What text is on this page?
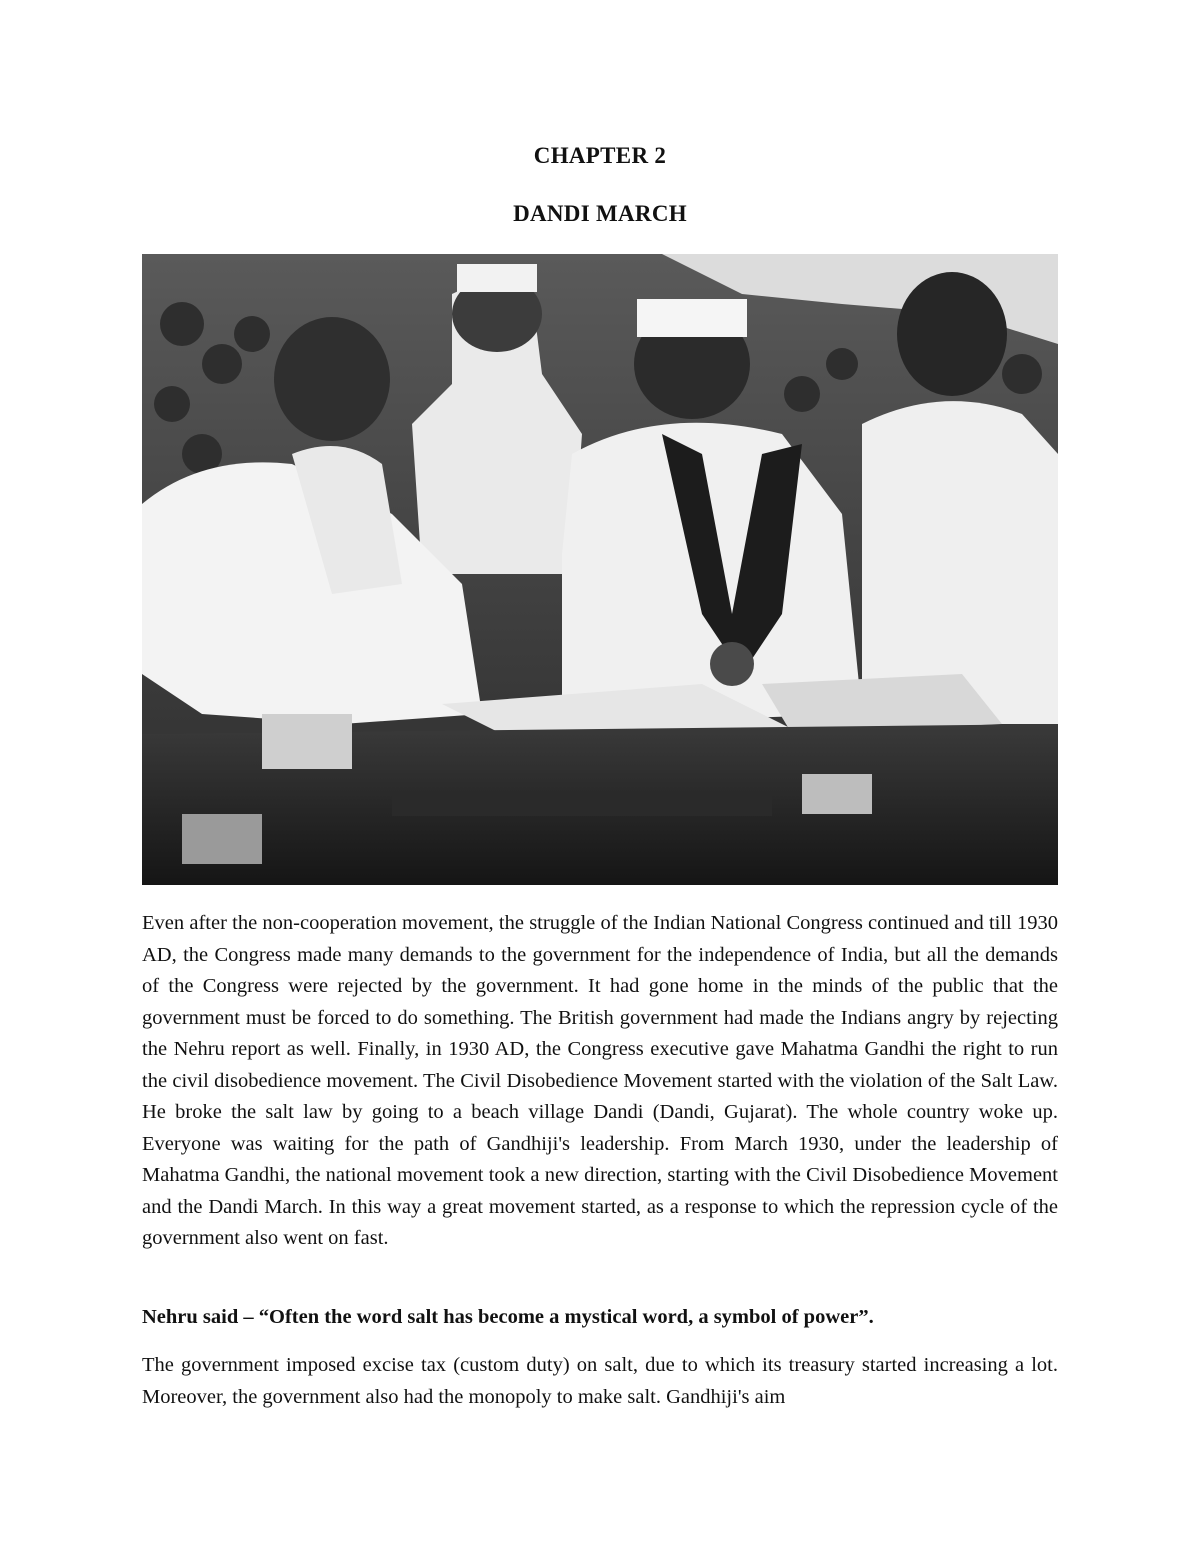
CHAPTER 2
DANDI MARCH

Even after the non-cooperation movement, the struggle of the Indian National Congress continued and till 1930 AD, the Congress made many demands to the government for the independence of India, but all the demands of the Congress were rejected by the government. It had gone home in the minds of the public that the government must be forced to do something. The British government had made the Indians angry by rejecting the Nehru report as well. Finally, in 1930 AD, the Congress executive gave Mahatma Gandhi the right to run the civil disobedience movement. The Civil Disobedience Movement started with the violation of the Salt Law. He broke the salt law by going to a beach village Dandi (Dandi, Gujarat). The whole country woke up. Everyone was waiting for the path of Gandhiji's leadership. From March 1930, under the leadership of Mahatma Gandhi, the national movement took a new direction, starting with the Civil Disobedience Movement and the Dandi March. In this way a great movement started, as a response to which the repression cycle of the government also went on fast.

Nehru said – “Often the word salt has become a mystical word, a symbol of power”.

The government imposed excise tax (custom duty) on salt, due to which its treasury started increasing a lot. Moreover, the government also had the monopoly to make salt. Gandhiji's aim
